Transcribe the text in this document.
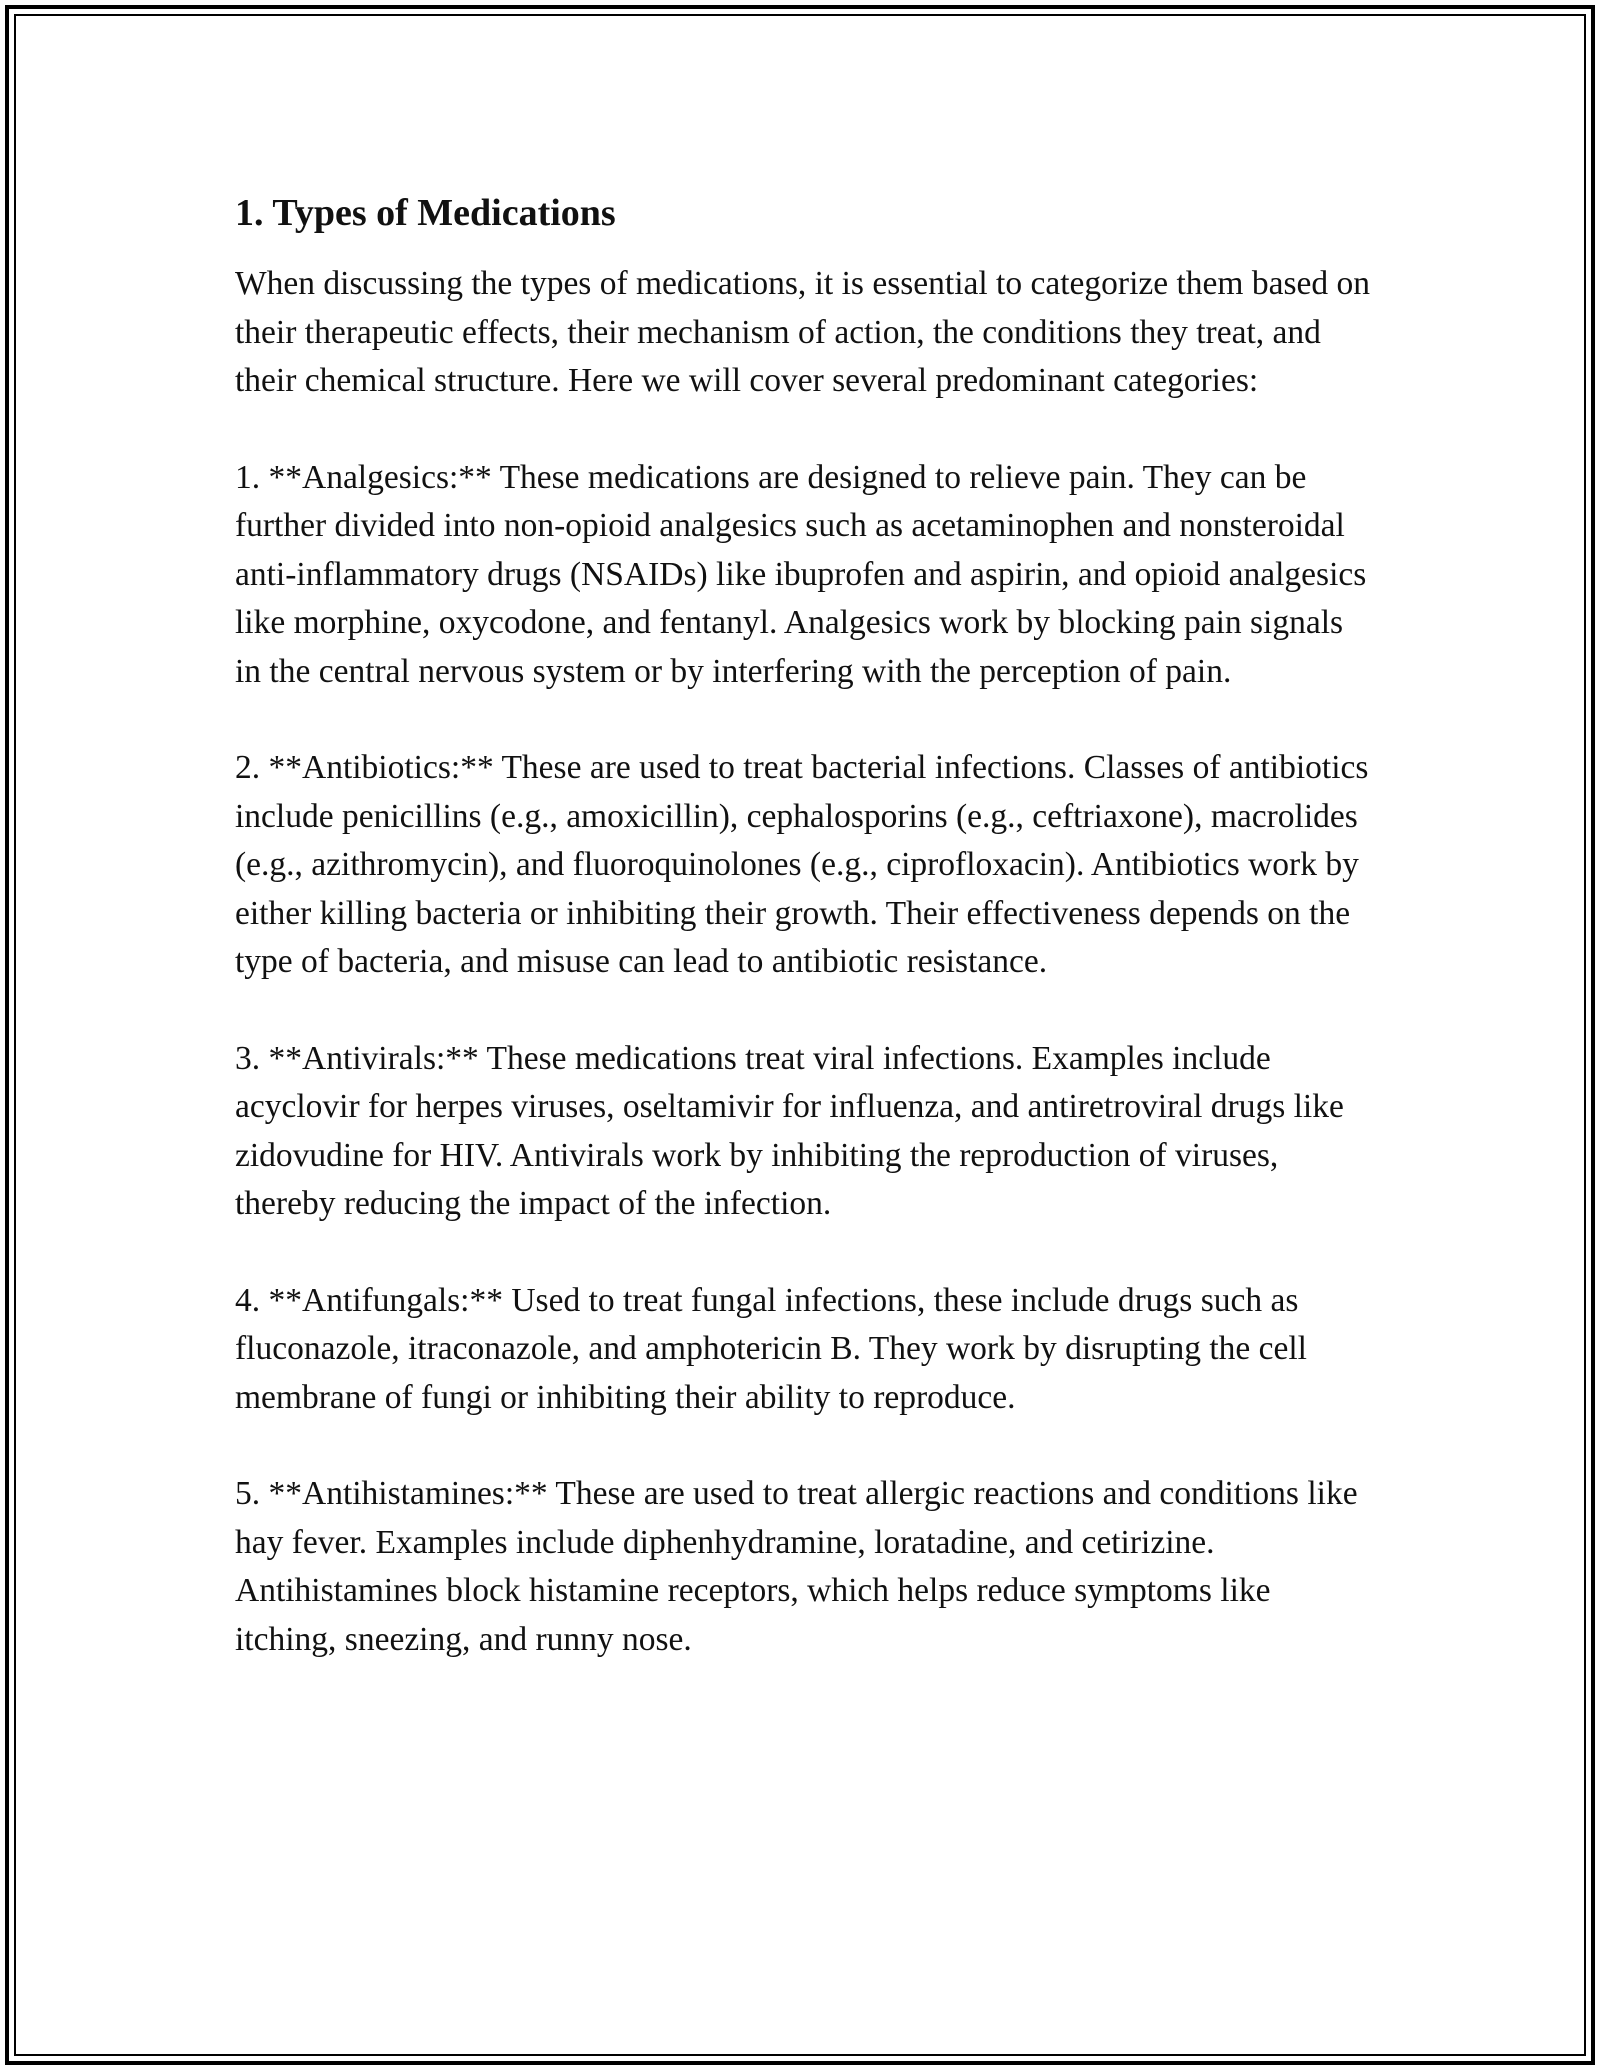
1. Types of Medications

When discussing the types of medications, it is essential to categorize them based on their therapeutic effects, their mechanism of action, the conditions they treat, and their chemical structure. Here we will cover several predominant categories:

1. **Analgesics:** These medications are designed to relieve pain. They can be further divided into non-opioid analgesics such as acetaminophen and nonsteroidal anti-inflammatory drugs (NSAIDs) like ibuprofen and aspirin, and opioid analgesics like morphine, oxycodone, and fentanyl. Analgesics work by blocking pain signals in the central nervous system or by interfering with the perception of pain.

2. **Antibiotics:** These are used to treat bacterial infections. Classes of antibiotics include penicillins (e.g., amoxicillin), cephalosporins (e.g., ceftriaxone), macrolides (e.g., azithromycin), and fluoroquinolones (e.g., ciprofloxacin). Antibiotics work by either killing bacteria or inhibiting their growth. Their effectiveness depends on the type of bacteria, and misuse can lead to antibiotic resistance.

3. **Antivirals:** These medications treat viral infections. Examples include acyclovir for herpes viruses, oseltamivir for influenza, and antiretroviral drugs like zidovudine for HIV. Antivirals work by inhibiting the reproduction of viruses, thereby reducing the impact of the infection.

4. **Antifungals:** Used to treat fungal infections, these include drugs such as fluconazole, itraconazole, and amphotericin B. They work by disrupting the cell membrane of fungi or inhibiting their ability to reproduce.

5. **Antihistamines:** These are used to treat allergic reactions and conditions like hay fever. Examples include diphenhydramine, loratadine, and cetirizine. Antihistamines block histamine receptors, which helps reduce symptoms like itching, sneezing, and runny nose.
